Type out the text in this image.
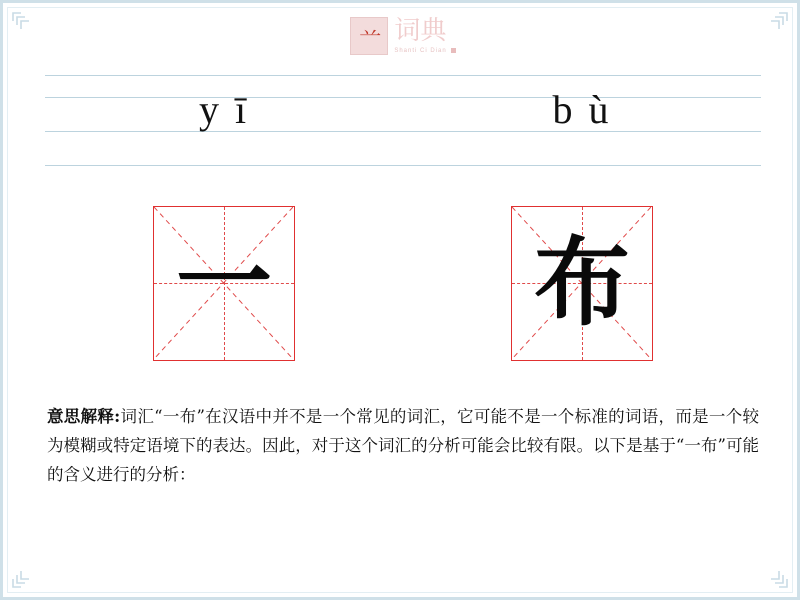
䒑 词典
Shanti Ci Dian
y ī	b ù
一	布
意思解释:词汇“一布”在汉语中并不是一个常见的词汇，它可能不是一个标准的词语，而是一个较为模糊或特定语境下的表达。因此，对于这个词汇的分析可能会比较有限。以下是基于“一布”可能的含义进行的分析：
